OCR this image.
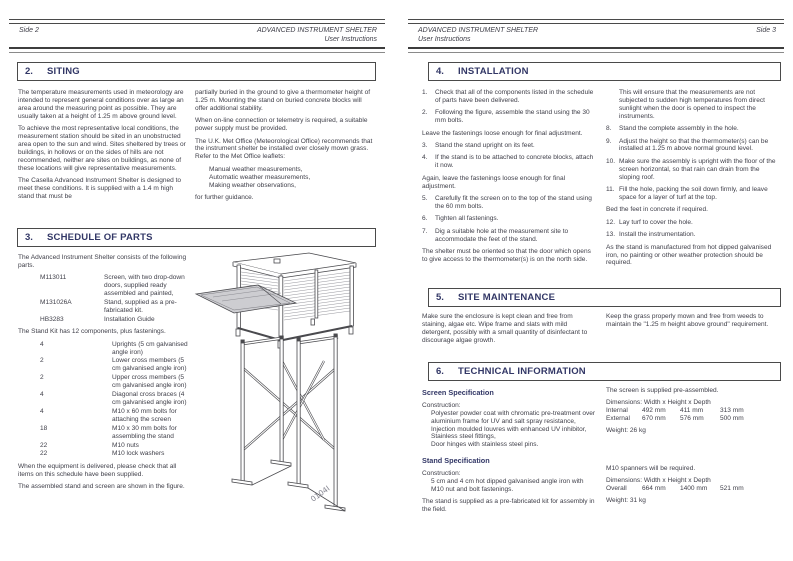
Side 2	ADVANCED INSTRUMENT SHELTER
User Instructions
2.	SITING

The temperature measurements used in meteorology are intended to represent general conditions over as large an area around the measuring point as possible. They are usually taken at a height of 1.25 m above ground level.

To achieve the most representative local conditions, the measurement station should be sited in an unobstructed area open to the sun and wind. Sites sheltered by trees or buildings, in hollows or on the sides of hills are not recommended, neither are sites on buildings, as none of these locations will give representative measurements.

The Casella Advanced Instrument Shelter is designed to meet these conditions. It is supplied with a 1.4 m high stand that must be

partially buried in the ground to give a thermometer height of 1.25 m. Mounting the stand on buried concrete blocks will offer additional stability.

When on-line connection or telemetry is required, a suitable power supply must be provided.

The U.K. Met Office (Meteorological Office) recommends that the instrument shelter be installed over closely mown grass. Refer to the Met Office leaflets:

Manual weather measurements,
Automatic weather measurements,
Making weather observations,

for further guidance.

3.	SCHEDULE OF PARTS

The Advanced Instrument Shelter consists of the following parts.

M113011	Screen, with two drop-down doors, supplied ready assembled and painted,
M131026A	Stand, supplied as a pre-fabricated kit.
HB3283	Installation Guide

The Stand Kit has 12 components, plus fastenings.

4	Uprights (5 cm galvanised angle iron)
2	Lower cross members (5 cm galvanised angle iron)
2	Upper cross members (5 cm galvanised angle iron)
4	Diagonal cross braces (4 cm galvanised angle iron)
4	M10 x 60 mm bolts for attaching the screen
18	M10 x 30 mm bolts for assembling the stand
22	M10 nuts
22	M10 lock washers

When the equipment is delivered, please check that all items on this schedule have been supplied.

The assembled stand and screen are shown in the figure.	0104I
ADVANCED INSTRUMENT SHELTER
User Instructions
Side 3
4.	INSTALLATION
1.	Check that all of the components listed in the schedule of parts have been delivered.
2.	Following the figure, assemble the stand using the 30 mm bolts.

Leave the fastenings loose enough for final adjustment.

3.	Stand the stand upright on its feet.
4.	If the stand is to be attached to concrete blocks, attach it now.

Again, leave the fastenings loose enough for final adjustment.

5.	Carefully fit the screen on to the top of the stand using the 60 mm bolts.
6.	Tighten all fastenings.
7.	Dig a suitable hole at the measurement site to accommodate the feet of the stand.

The shelter must be oriented so that the door which opens to give access to the thermometer(s) is on the north side.

This will ensure that the measurements are not subjected to sudden high temperatures from direct sunlight when the door is opened to inspect the instruments.

8.	Stand the complete assembly in the hole.
9.	Adjust the height so that the thermometer(s) can be installed at 1.25 m above normal ground level.
10. Make sure the assembly is upright with the floor of the screen horizontal, so that rain can drain from the sloping roof.
11. Fill the hole, packing the soil down firmly, and leave space for a layer of turf at the top.

Bed the feet in concrete if required.

12. Lay turf to cover the hole.
13. Install the instrumentation.

As the stand is manufactured from hot dipped galvanised iron, no painting or other weather protection should be required.

5.	SITE MAINTENANCE

Make sure the enclosure is kept clean and free from staining, algae etc. Wipe frame and slats with mild detergent, possibly with a small quantity of disinfectant to discourage algae growth.

Keep the grass properly mown and free from weeds to maintain the "1.25 m height above ground" requirement.

6.	TECHNICAL INFORMATION
Screen Specification
Construction:
Polyester powder coat with chromatic pre-treatment over aluminium frame for UV and salt spray resistance,
Injection moulded louvres with enhanced UV inhibitor,
Stainless steel fittings,
Door hinges with stainless steel pins.
Stand Specification
Construction:
5 cm and 4 cm hot dipped galvanised angle iron with M10 nut and bolt fastenings.

The stand is supplied as a pre-fabricated kit for assembly in the field.

The screen is supplied pre-assembled.

Dimensions: Width x Height x Depth
Internal	492 mm	411 mm	313 mm
External	670 mm	576 mm	500 mm

Weight: 26 kg

M10 spanners will be required.

Dimensions: Width x Height x Depth
Overall	664 mm	1400 mm	521 mm

Weight: 31 kg
